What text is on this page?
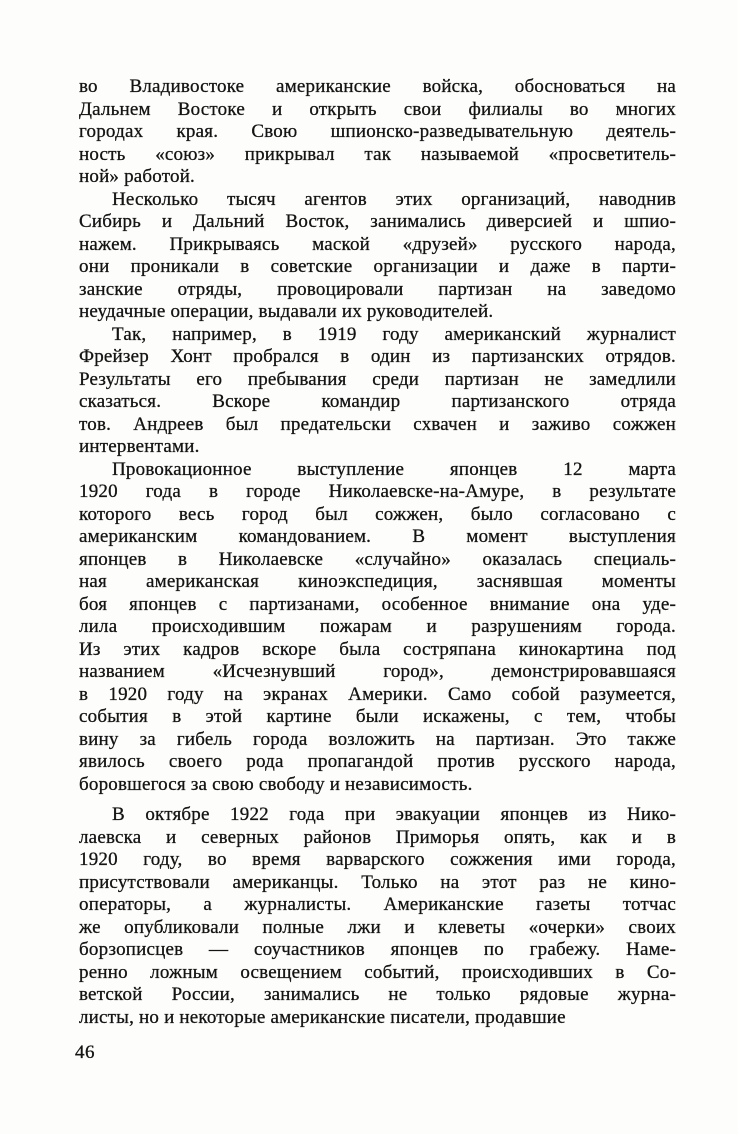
во Владивостоке американские войска, обосноваться на
Дальнем Востоке и открыть свои филиалы во многих
городах края. Свою шпионско-разведывательную деятель-
ность «союз» прикрывал так называемой «просветитель-
ной» работой.

Несколько тысяч агентов этих организаций, наводнив
Сибирь и Дальний Восток, занимались диверсией и шпио-
нажем. Прикрываясь маской «друзей» русского народа,
они проникали в советские организации и даже в парти-
занские отряды, провоцировали партизан на заведомо
неудачные операции, выдавали их руководителей.

Так, например, в 1919 году американский журналист
Фрейзер Хонт пробрался в один из партизанских отрядов.
Результаты его пребывания среди партизан не замедлили
сказаться. Вскоре командир партизанского отряда
тов. Андреев был предательски схвачен и заживо сожжен
интервентами.

Провокационное выступление японцев 12 марта
1920 года в городе Николаевске-на-Амуре, в результате
которого весь город был сожжен, было согласовано с
американским командованием. В момент выступления
японцев в Николаевске «случайно» оказалась специаль-
ная американская киноэкспедиция, заснявшая моменты
боя японцев с партизанами, особенное внимание она уде-
лила происходившим пожарам и разрушениям города.
Из этих кадров вскоре была состряпана кинокартина под
названием «Исчезнувший город», демонстрировавшаяся
в 1920 году на экранах Америки. Само собой разумеется,
события в этой картине были искажены, с тем, чтобы
вину за гибель города возложить на партизан. Это также
явилось своего рода пропагандой против русского народа,
боровшегося за свою свободу и независимость.

В октябре 1922 года при эвакуации японцев из Нико-
лаевска и северных районов Приморья опять, как и в
1920 году, во время варварского сожжения ими города,
присутствовали американцы. Только на этот раз не кино-
операторы, а журналисты. Американские газеты тотчас
же опубликовали полные лжи и клеветы «очерки» своих
борзописцев — соучастников японцев по грабежу. Наме-
ренно ложным освещением событий, происходивших в Со-
ветской России, занимались не только рядовые журна-
листы, но и некоторые американские писатели, продавшие

46
